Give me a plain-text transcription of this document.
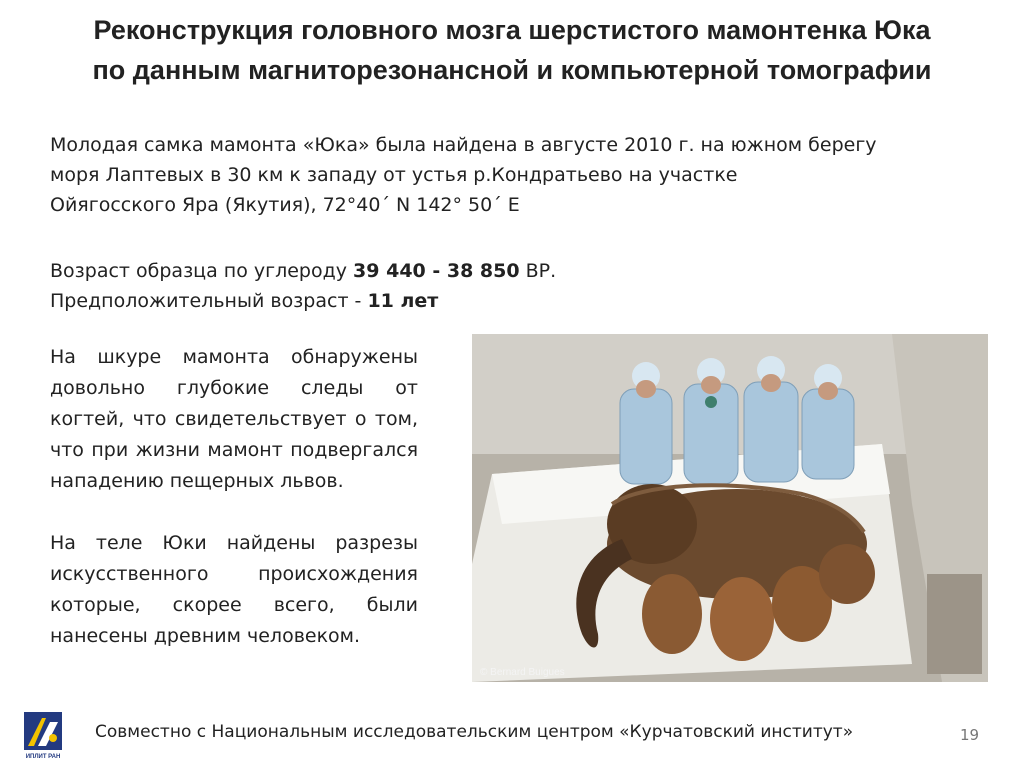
Реконструкция головного мозга шерстистого мамонтенка Юка
по данным магниторезонансной и компьютерной томографии

Молодая самка мамонта «Юка» была найдена в августе 2010 г. на южном берегу

моря Лаптевых в 30 км к западу от устья р.Кондратьево на участке

Ойягосского Яра (Якутия), 72°40´ N 142° 50´ E

Возраст образца по углероду 39 440 - 38 850 ВР.

Предположительный возраст - 11 лет

На шкуре мамонта обнаружены довольно глубокие следы от когтей, что свидетельствует о том, что при жизни мамонт подвергался нападению пещерных львов.

На теле Юки найдены разрезы искусственного происхождения которые, скорее всего, были нанесены древним человеком.

© Bernard Buigues
ИПЛИТ РАН
Совместно с Национальным исследовательским центром «Курчатовский институт»	19
